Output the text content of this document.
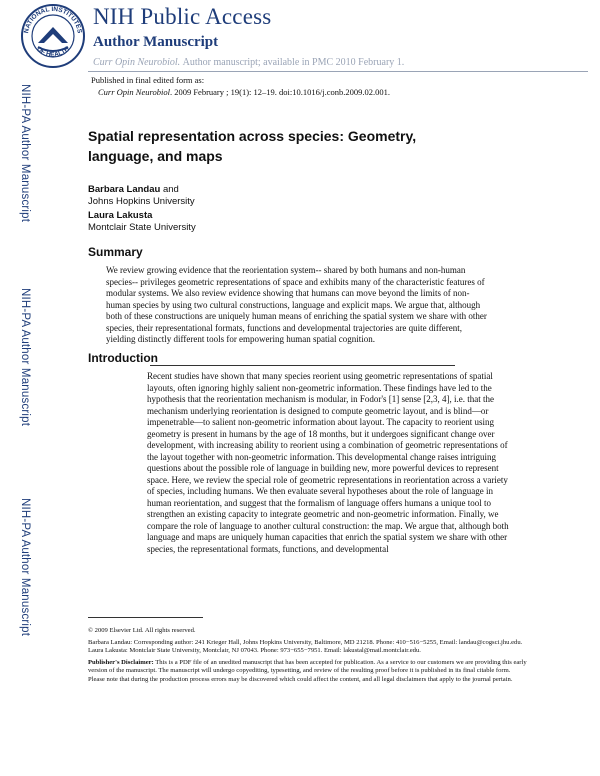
NATIONAL INSTITUTES
OF HEALTH
NIH Public Access
Author Manuscript
Curr Opin Neurobiol. Author manuscript; available in PMC 2010 February 1.
Published in final edited form as:
Curr Opin Neurobiol. 2009 February ; 19(1): 12–19. doi:10.1016/j.conb.2009.02.001.
NIH-PA Author Manuscript
NIH-PA Author Manuscript
NIH-PA Author Manuscript
Spatial representation across species: Geometry, language, and maps
Barbara Landau and
Johns Hopkins University
Laura Lakusta
Montclair State University
Summary
We review growing evidence that the reorientation system-- shared by both humans and non-human species-- privileges geometric representations of space and exhibits many of the characteristic features of modular systems. We also review evidence showing that humans can move beyond the limits of non-human species by using two cultural constructions, language and explicit maps. We argue that, although both of these constructions are uniquely human means of enriching the spatial system we share with other species, their representational formats, functions and developmental trajectories are quite different, yielding distinctly different tools for empowering human spatial cognition.
Introduction
Recent studies have shown that many species reorient using geometric representations of spatial layouts, often ignoring highly salient non-geometric information. These findings have led to the hypothesis that the reorientation mechanism is modular, in Fodor's [1] sense [2,3, 4], i.e. that the mechanism underlying reorientation is designed to compute geometric layout, and is blind—or impenetrable—to salient non-geometric information about layout. The capacity to reorient using geometry is present in humans by the age of 18 months, but it undergoes significant change over development, with increasing ability to reorient using a combination of geometric representations of the layout together with non-geometric information. This developmental change raises intriguing questions about the possible role of language in building new, more powerful devices to represent space. Here, we review the special role of geometric representations in reorientation across a variety of species, including humans. We then evaluate several hypotheses about the role of language in human reorientation, and suggest that the formalism of language offers humans a unique tool to strengthen an existing capacity to integrate geometric and non-geometric information. Finally, we compare the role of language to another cultural construction: the map. We argue that, although both language and maps are uniquely human capacities that enrich the spatial system we share with other species, the representational formats, functions, and developmental

© 2009 Elsevier Ltd. All rights reserved.

Barbara Landau: Corresponding author: 241 Krieger Hall, Johns Hopkins University, Baltimore, MD 21218. Phone: 410−516−5255, Email: landau@cogsci.jhu.edu. Laura Lakusta: Montclair State University, Montclair, NJ 07043. Phone: 973−655−7951. Email: lakustal@mail.montclair.edu.

Publisher's Disclaimer: This is a PDF file of an unedited manuscript that has been accepted for publication. As a service to our customers we are providing this early version of the manuscript. The manuscript will undergo copyediting, typesetting, and review of the resulting proof before it is published in its final citable form. Please note that during the production process errors may be discovered which could affect the content, and all legal disclaimers that apply to the journal pertain.
